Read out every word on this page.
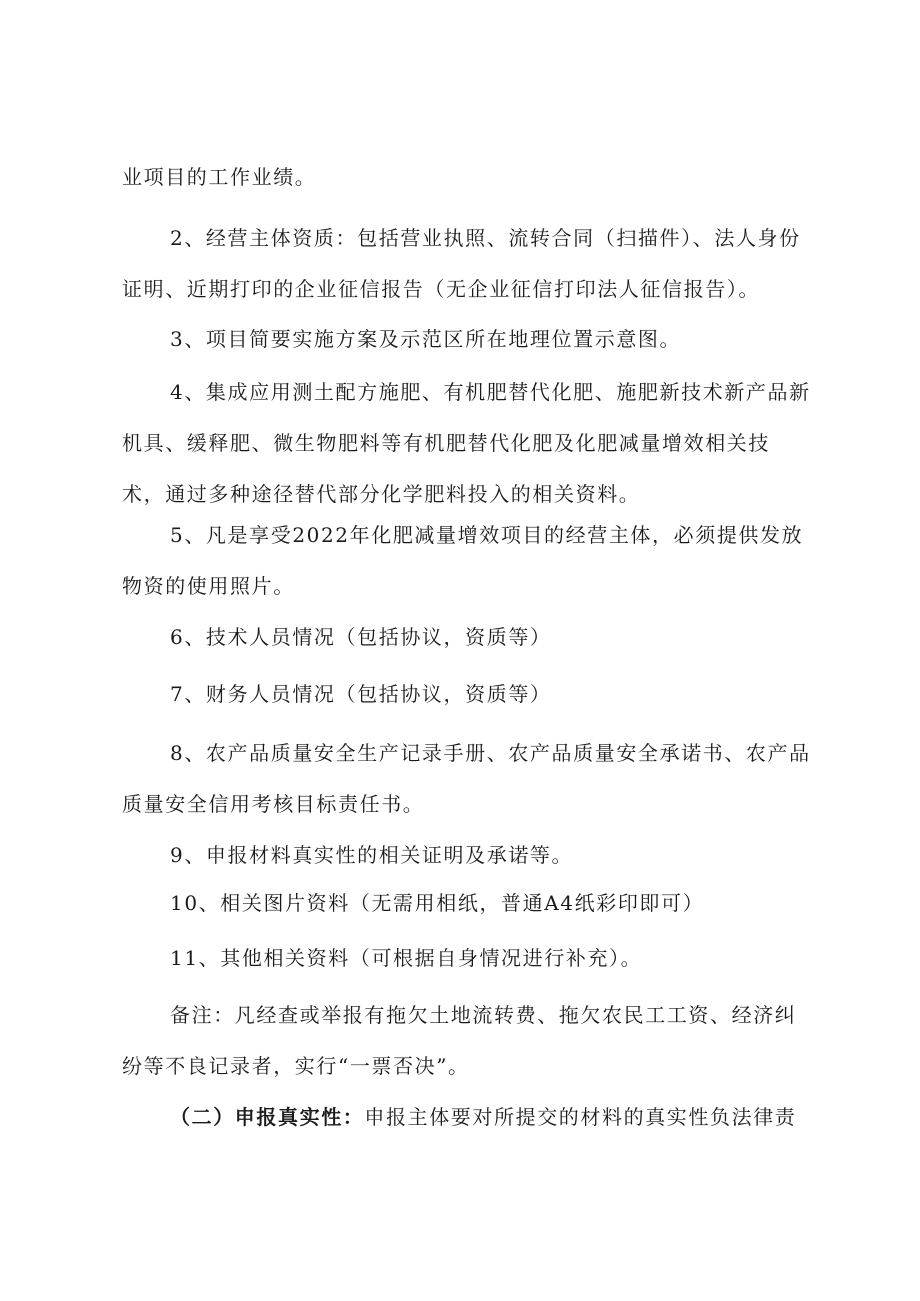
业项目的工作业绩。
2、经营主体资质：包括营业执照、流转合同（扫描件）、法人身份证明、近期打印的企业征信报告（无企业征信打印法人征信报告）。
3、项目简要实施方案及示范区所在地理位置示意图。
4、集成应用测土配方施肥、有机肥替代化肥、施肥新技术新产品新机具、缓释肥、微生物肥料等有机肥替代化肥及化肥减量增效相关技术，通过多种途径替代部分化学肥料投入的相关资料。
5、凡是享受2022年化肥减量增效项目的经营主体，必须提供发放物资的使用照片。
6、技术人员情况（包括协议，资质等）
7、财务人员情况（包括协议，资质等）
8、农产品质量安全生产记录手册、农产品质量安全承诺书、农产品质量安全信用考核目标责任书。
9、申报材料真实性的相关证明及承诺等。
10、相关图片资料（无需用相纸，普通A4纸彩印即可）
11、其他相关资料（可根据自身情况进行补充）。
备注：凡经查或举报有拖欠土地流转费、拖欠农民工工资、经济纠纷等不良记录者，实行“一票否决”。
（二）申报真实性：申报主体要对所提交的材料的真实性负法律责
